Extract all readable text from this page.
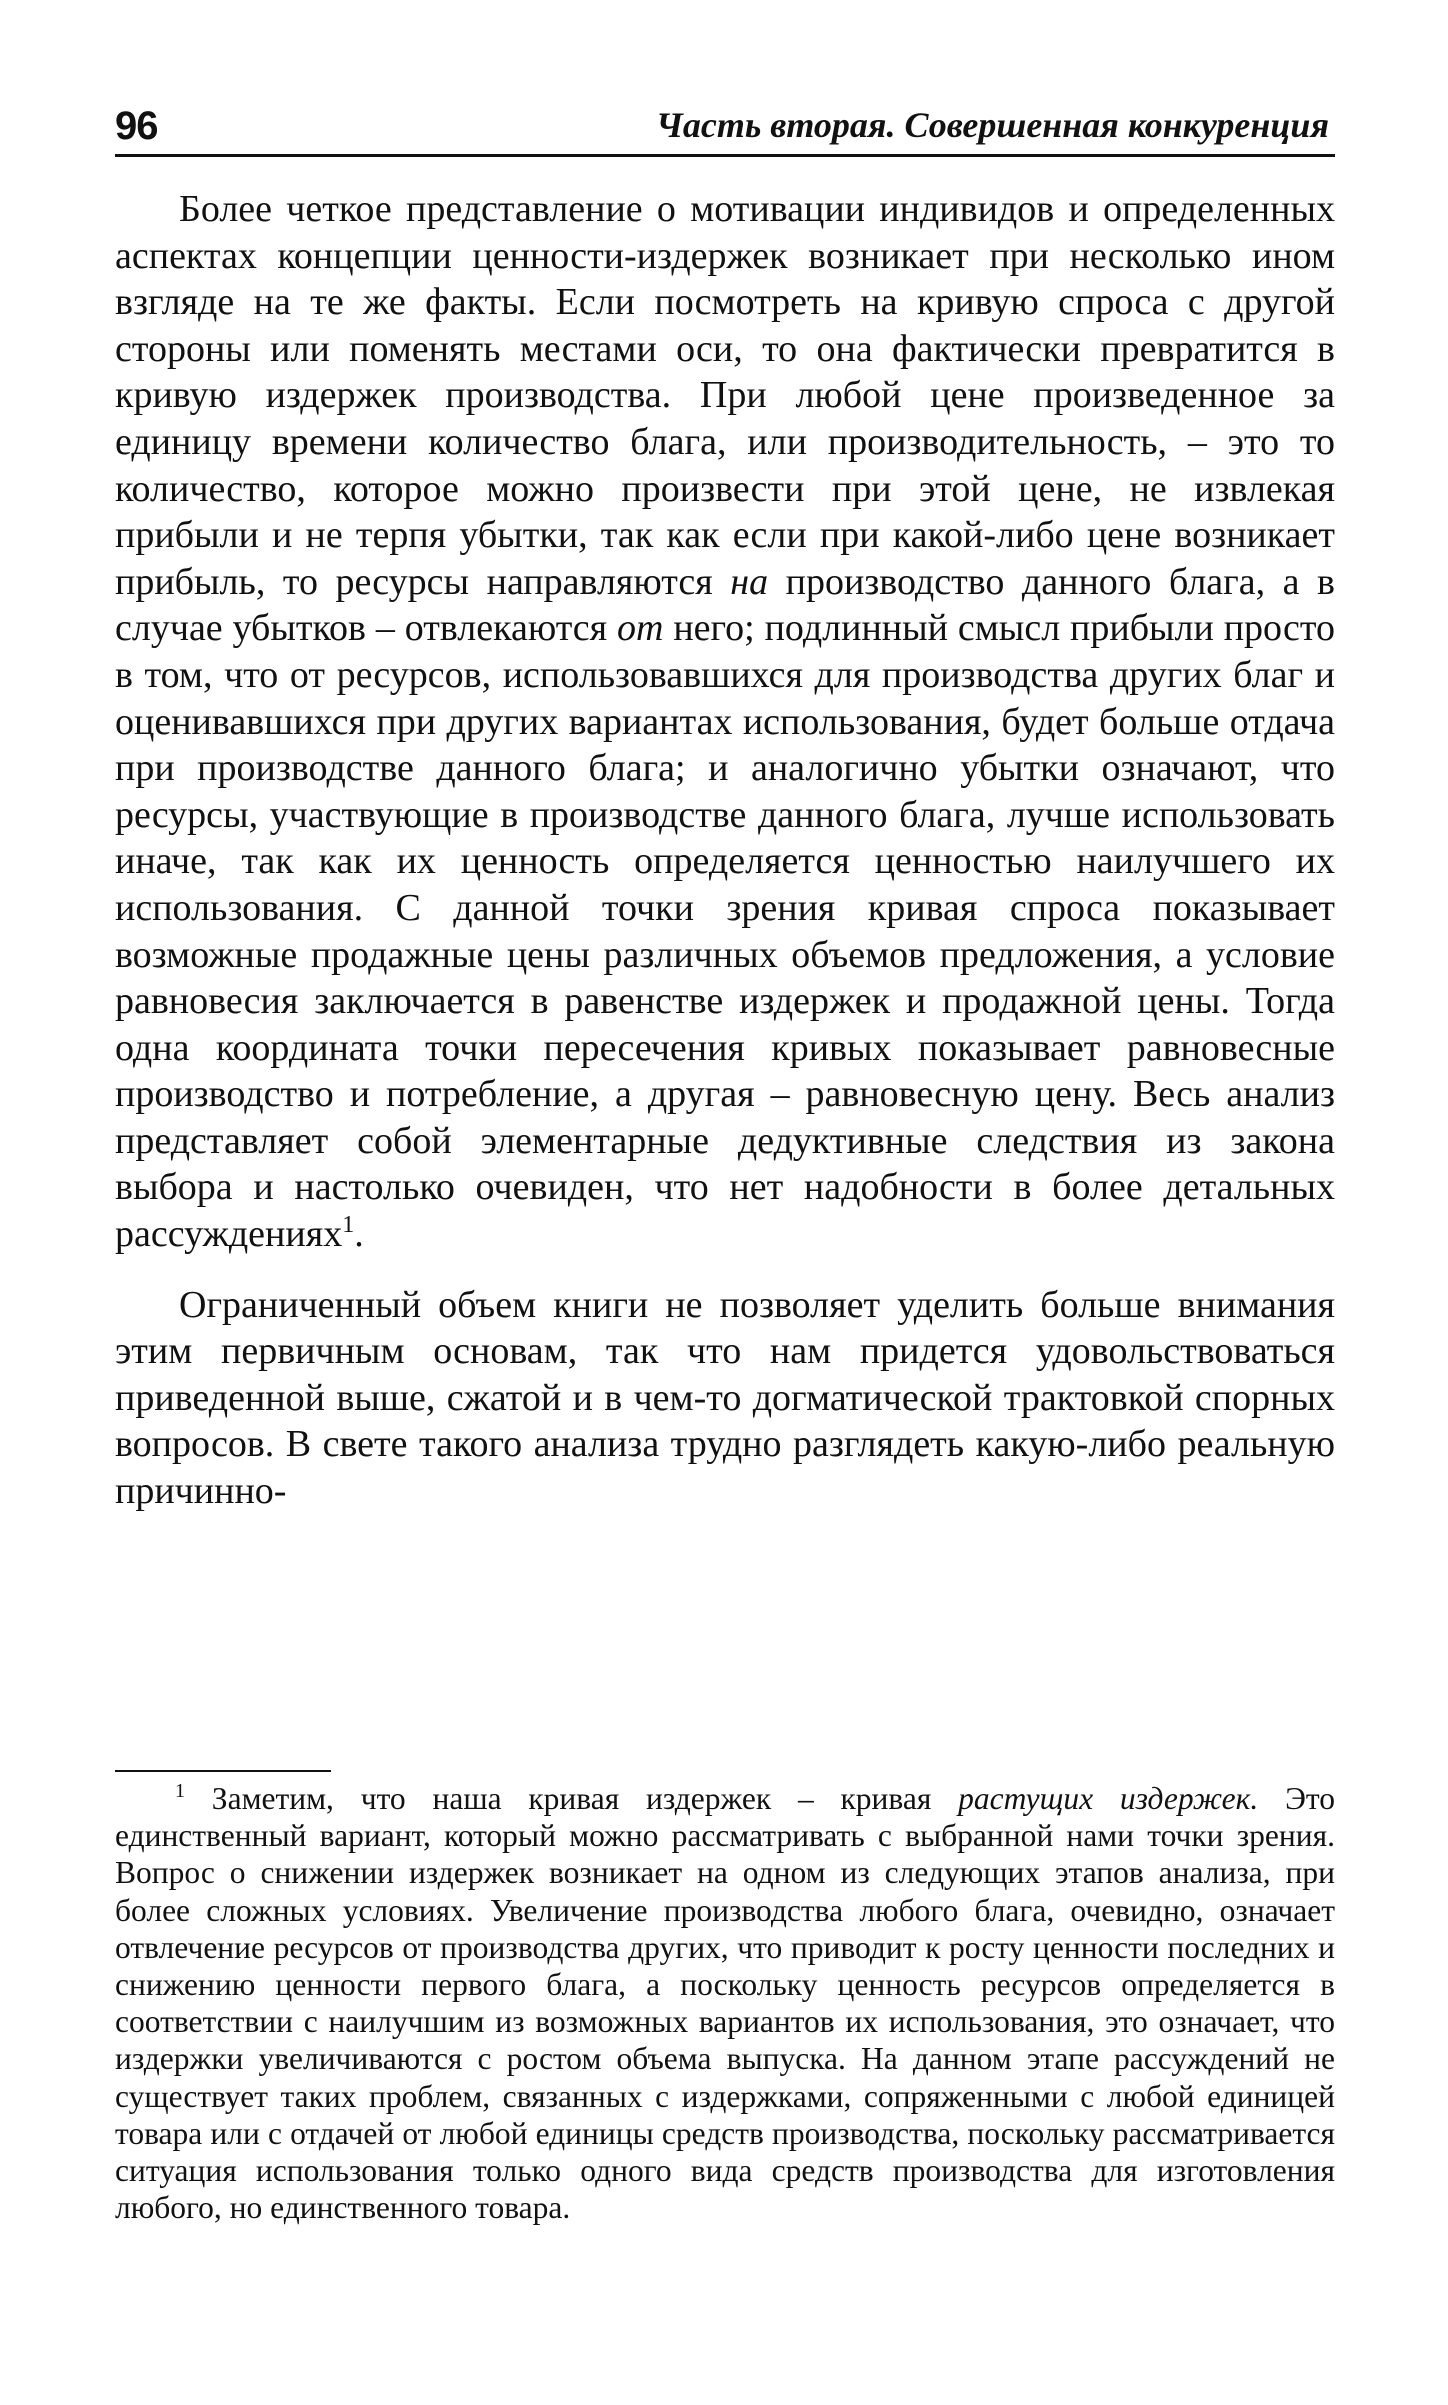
96	Часть вторая. Совершенная конкуренция

Более четкое представление о мотивации индивидов и определенных аспектах концепции ценности-издержек возникает при несколько ином взгляде на те же факты. Если посмотреть на кривую спроса с другой стороны или поменять местами оси, то она фактически превратится в кривую издержек производства. При любой цене произведенное за единицу времени количество блага, или производительность, – это то количество, которое можно произвести при этой цене, не извлекая прибыли и не терпя убытки, так как если при какой-либо цене возникает прибыль, то ресурсы направляются на производство данного блага, а в случае убытков – отвлекаются от него; подлинный смысл прибыли просто в том, что от ресурсов, использовавшихся для производства других благ и оценивавшихся при других вариантах использования, будет больше отдача при производстве данного блага; и аналогично убытки означают, что ресурсы, участвующие в производстве данного блага, лучше использовать иначе, так как их ценность определяется ценностью наилучшего их использования. С данной точки зрения кривая спроса показывает возможные продажные цены различных объемов предложения, а условие равновесия заключается в равенстве издержек и продажной цены. Тогда одна координата точки пересечения кривых показывает равновесные производство и потребление, а другая – равновесную цену. Весь анализ представляет собой элементарные дедуктивные следствия из закона выбора и настолько очевиден, что нет надобности в более детальных рассуждениях$^1$.

Ограниченный объем книги не позволяет уделить больше внимания этим первичным основам, так что нам придется удовольствоваться приведенной выше, сжатой и в чем-то догматической трактовкой спорных вопросов. В свете такого анализа трудно разглядеть какую-либо реальную причинно-

$^1$ Заметим, что наша кривая издержек – кривая растущих издержек. Это единственный вариант, который можно рассматривать с выбранной нами точки зрения. Вопрос о снижении издержек возникает на одном из следующих этапов анализа, при более сложных условиях. Увеличение производства любого блага, очевидно, означает отвлечение ресурсов от производства других, что приводит к росту ценности последних и снижению ценности первого блага, а поскольку ценность ресурсов определяется в соответствии с наилучшим из возможных вариантов их использования, это означает, что издержки увеличиваются с ростом объема выпуска. На данном этапе рассуждений не существует таких проблем, связанных с издержками, сопряженными с любой единицей товара или с отдачей от любой единицы средств производства, поскольку рассматривается ситуация использования только одного вида средств производства для изготовления любого, но единственного товара.
